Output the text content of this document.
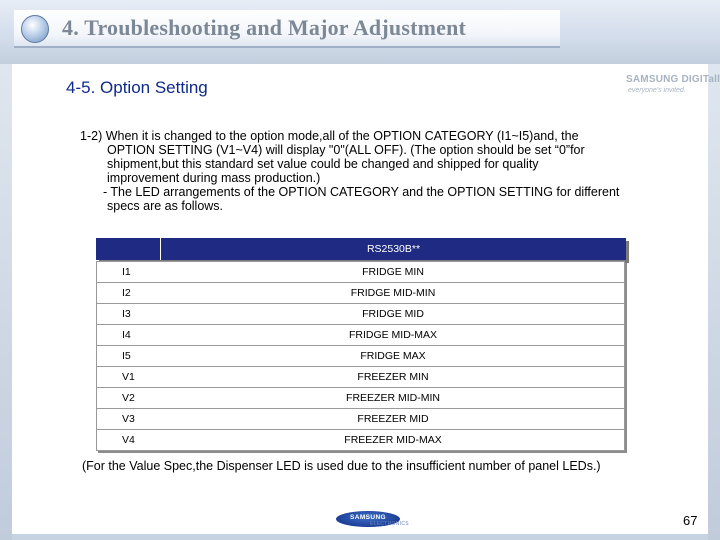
4. Troubleshooting and Major Adjustment
SAMSUNG DIGITall
everyone's invited.
4-5. Option Setting
1-2) When it is changed to the option mode,all of the OPTION CATEGORY (I1~I5)and, the
OPTION SETTING (V1~V4) will display "0"(ALL OFF). (The option should be set “0”for
shipment,but this standard set value could be changed and shipped for quality
improvement during mass production.)
- The LED arrangements of the OPTION CATEGORY and the OPTION SETTING for different
specs are as follows.
RS2530B**
I1	FRIDGE MIN
I2	FRIDGE MID-MIN
I3	FRIDGE MID
I4	FRIDGE MID-MAX
I5	FRIDGE MAX
V1	FREEZER MIN
V2	FREEZER MID-MIN
V3	FREEZER MID
V4	FREEZER MID-MAX
(For the Value Spec,the Dispenser LED is used due to the insufficient number of panel LEDs.)
SAMSUNG
ELECTRONICS	67
